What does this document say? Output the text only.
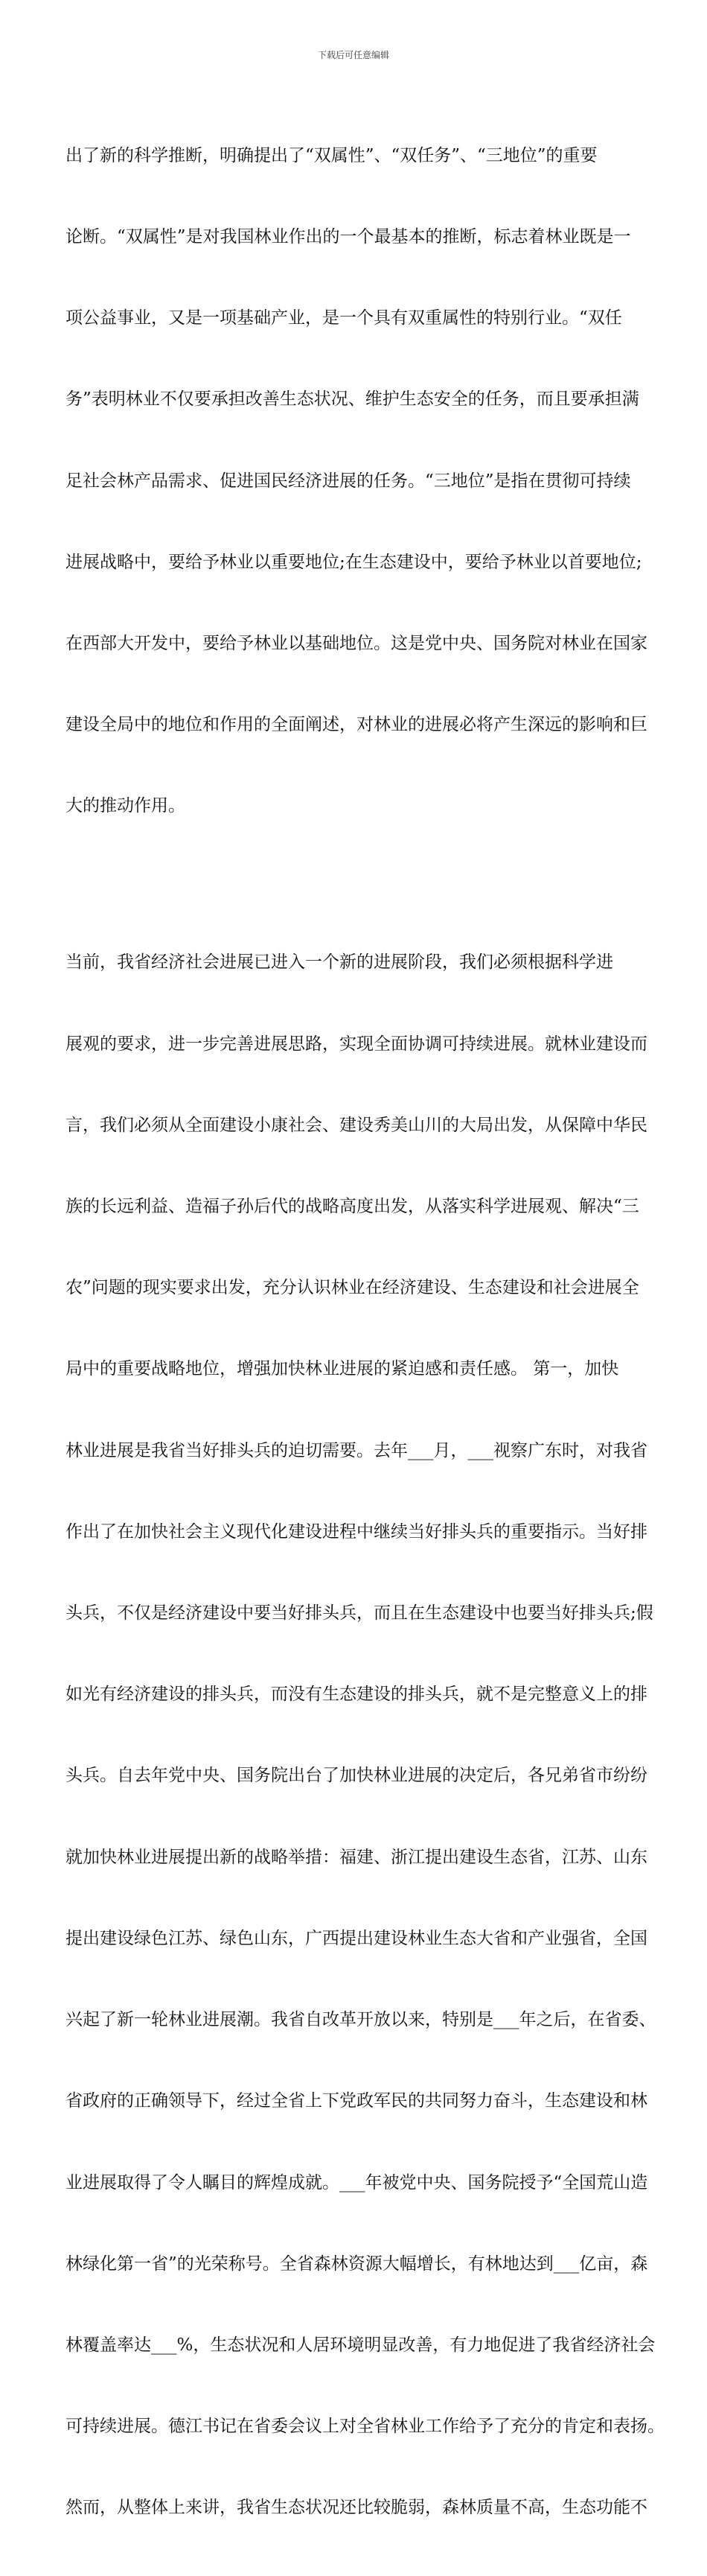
下载后可任意编辑

出了新的科学推断，明确提出了“双属性”、“双任务”、“三地位”的重要

论断。“双属性”是对我国林业作出的一个最基本的推断，标志着林业既是一

项公益事业，又是一项基础产业，是一个具有双重属性的特别行业。“双任

务”表明林业不仅要承担改善生态状况、维护生态安全的任务，而且要承担满

足社会林产品需求、促进国民经济进展的任务。“三地位”是指在贯彻可持续

进展战略中，要给予林业以重要地位;在生态建设中，要给予林业以首要地位;

在西部大开发中，要给予林业以基础地位。这是党中央、国务院对林业在国家

建设全局中的地位和作用的全面阐述，对林业的进展必将产生深远的影响和巨

大的推动作用。

当前，我省经济社会进展已进入一个新的进展阶段，我们必须根据科学进

展观的要求，进一步完善进展思路，实现全面协调可持续进展。就林业建设而

言，我们必须从全面建设小康社会、建设秀美山川的大局出发，从保障中华民

族的长远利益、造福子孙后代的战略高度出发，从落实科学进展观、解决“三

农”问题的现实要求出发，充分认识林业在经济建设、生态建设和社会进展全

局中的重要战略地位，增强加快林业进展的紧迫感和责任感。 第一，加快

林业进展是我省当好排头兵的迫切需要。去年___月，___视察广东时，对我省

作出了在加快社会主义现代化建设进程中继续当好排头兵的重要指示。当好排

头兵，不仅是经济建设中要当好排头兵，而且在生态建设中也要当好排头兵;假

如光有经济建设的排头兵，而没有生态建设的排头兵，就不是完整意义上的排

头兵。自去年党中央、国务院出台了加快林业进展的决定后，各兄弟省市纷纷

就加快林业进展提出新的战略举措：福建、浙江提出建设生态省，江苏、山东

提出建设绿色江苏、绿色山东，广西提出建设林业生态大省和产业强省，全国

兴起了新一轮林业进展潮。我省自改革开放以来，特别是___年之后，在省委、

省政府的正确领导下，经过全省上下党政军民的共同努力奋斗，生态建设和林

业进展取得了令人瞩目的辉煌成就。___年被党中央、国务院授予“全国荒山造

林绿化第一省”的光荣称号。全省森林资源大幅增长，有林地达到___亿亩，森

林覆盖率达___%，生态状况和人居环境明显改善，有力地促进了我省经济社会

可持续进展。德江书记在省委会议上对全省林业工作给予了充分的肯定和表扬。

然而，从整体上来讲，我省生态状况还比较脆弱，森林质量不高，生态功能不
